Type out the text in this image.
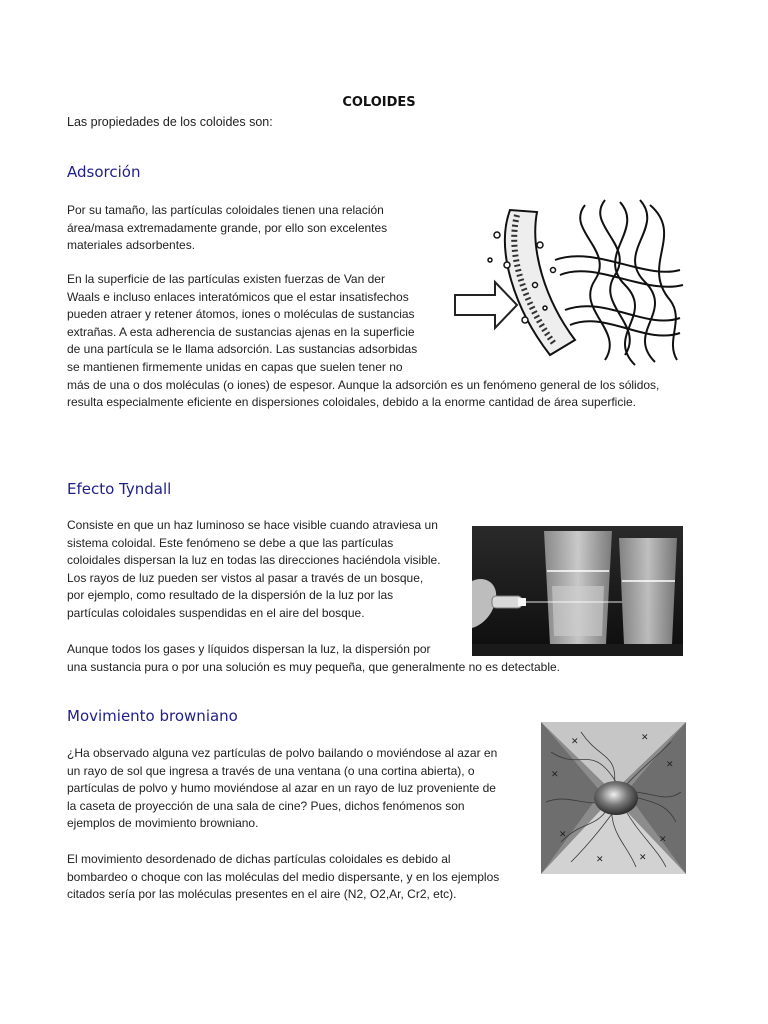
COLOIDES
Las propiedades de los coloides son:
Adsorción

Por su tamaño, las partículas coloidales tienen una relación
área/masa extremadamente grande, por ello son excelentes
materiales adsorbentes.

En la superficie de las partículas existen fuerzas de Van der
Waals e incluso enlaces interatómicos que el estar insatisfechos
pueden atraer y retener átomos, iones o moléculas de sustancias
extrañas. A esta adherencia de sustancias ajenas en la superficie
de una partícula se le llama adsorción. Las sustancias adsorbidas
se mantienen firmemente unidas en capas que suelen tener no
más de una o dos moléculas (o iones) de espesor. Aunque la adsorción es un fenómeno general de los sólidos,
resulta especialmente eficiente en dispersiones coloidales, debido a la enorme cantidad de área superficie.

Efecto Tyndall

Consiste en que un haz luminoso se hace visible cuando atraviesa un
sistema coloidal. Este fenómeno se debe a que las partículas
coloidales dispersan la luz en todas las direcciones haciéndola visible.
Los rayos de luz pueden ser vistos al pasar a través de un bosque,
por ejemplo, como resultado de la dispersión de la luz por las
partículas coloidales suspendidas en el aire del bosque.

Aunque todos los gases y líquidos dispersan la luz, la dispersión por
una sustancia pura o por una solución es muy pequeña, que generalmente no es detectable.

Movimiento browniano

¿Ha observado alguna vez partículas de polvo bailando o moviéndose al azar en
un rayo de sol que ingresa a través de una ventana (o una cortina abierta), o
partículas de polvo y humo moviéndose al azar en un rayo de luz proveniente de
la caseta de proyección de una sala de cine? Pues, dichos fenómenos son
ejemplos de movimiento browniano.

El movimiento desordenado de dichas partículas coloidales es debido al
bombardeo o choque con las moléculas del medio dispersante, y en los ejemplos
citados sería por las moléculas presentes en el aire (N2, O2,Ar, Cr2, etc).

✕	✕
✕
✕
✕	✕
✕	✕
